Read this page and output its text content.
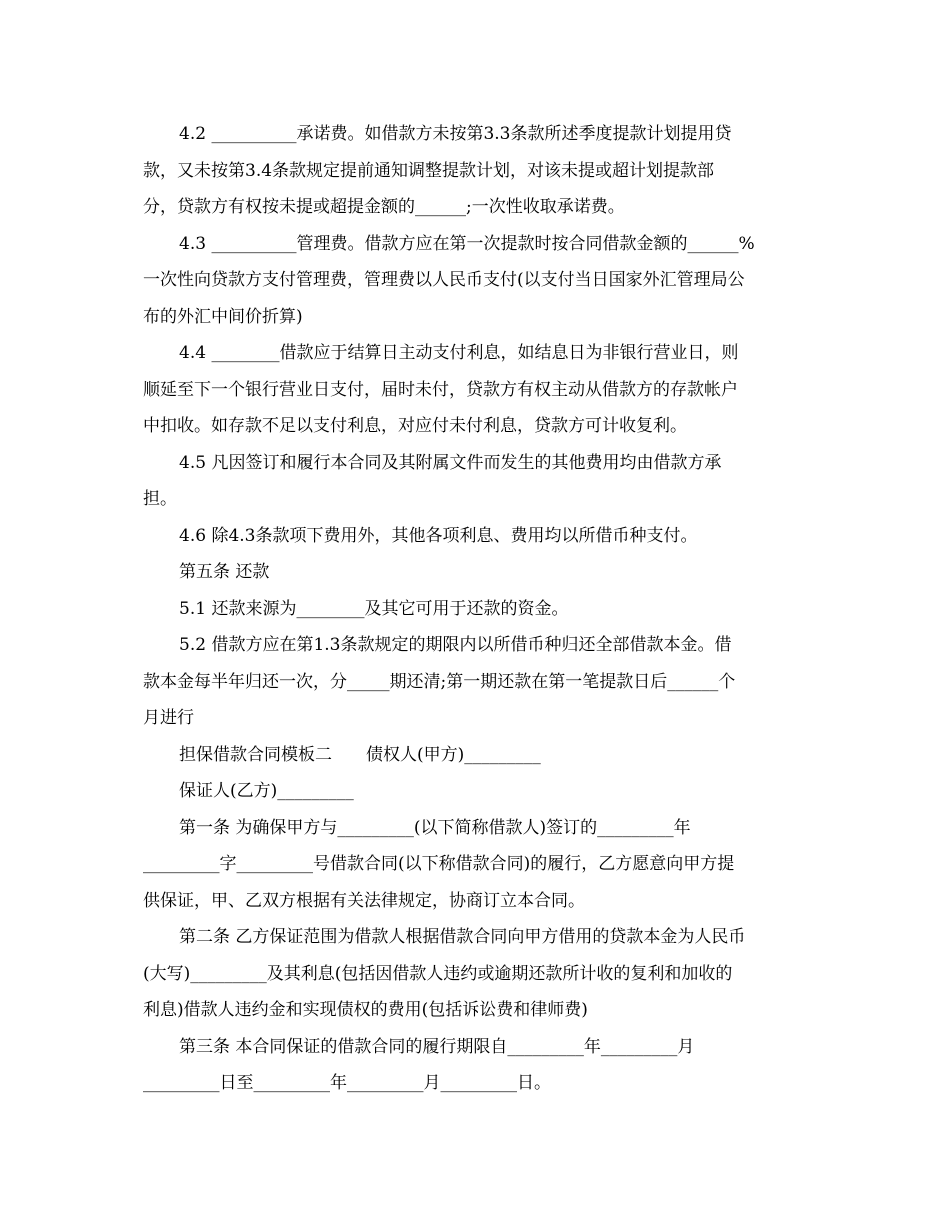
4.2 __________承诺费。如借款方未按第3.3条款所述季度提款计划提用贷
款，又未按第3.4条款规定提前通知调整提款计划，对该未提或超计划提款部
分，贷款方有权按未提或超提金额的______;一次性收取承诺费。
4.3 __________管理费。借款方应在第一次提款时按合同借款金额的______%
一次性向贷款方支付管理费，管理费以人民币支付(以支付当日国家外汇管理局公
布的外汇中间价折算)
4.4 ________借款应于结算日主动支付利息，如结息日为非银行营业日，则
顺延至下一个银行营业日支付，届时未付，贷款方有权主动从借款方的存款帐户
中扣收。如存款不足以支付利息，对应付未付利息，贷款方可计收复利。
4.5 凡因签订和履行本合同及其附属文件而发生的其他费用均由借款方承
担。
4.6 除4.3条款项下费用外，其他各项利息、费用均以所借币种支付。
第五条 还款
5.1 还款来源为________及其它可用于还款的资金。
5.2 借款方应在第1.3条款规定的期限内以所借币种归还全部借款本金。借
款本金每半年归还一次，分_____期还清;第一期还款在第一笔提款日后______个
月进行
担保借款合同模板二　　债权人(甲方)_________
保证人(乙方)_________
第一条 为确保甲方与_________(以下简称借款人)签订的_________年
_________字_________号借款合同(以下称借款合同)的履行，乙方愿意向甲方提
供保证，甲、乙双方根据有关法律规定，协商订立本合同。
第二条 乙方保证范围为借款人根据借款合同向甲方借用的贷款本金为人民币
(大写)_________及其利息(包括因借款人违约或逾期还款所计收的复利和加收的
利息)借款人违约金和实现债权的费用(包括诉讼费和律师费)
第三条 本合同保证的借款合同的履行期限自_________年_________月
_________日至_________年_________月_________日。
